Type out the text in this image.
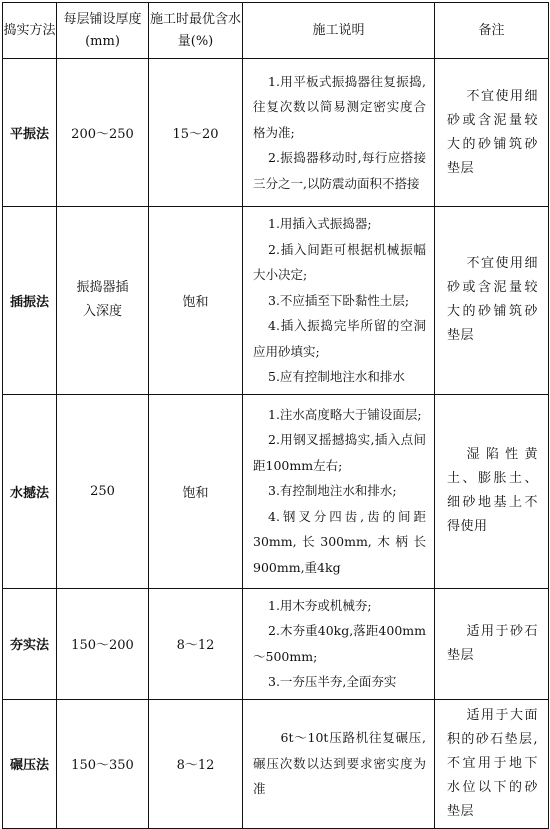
捣实方法	每层铺设厚度(mm)	施工时最优含水量(%)	施工说明	备注
平振法	200～250	15～20	1.用平板式振捣器往复振捣,往复次数以简易测定密实度合格为准;

2.振捣器移动时,每行应搭接三分之一,以防震动面积不搭接	不宜使用细砂或含泥量较大的砂铺筑砂垫层

插振法	振捣器插入深度	饱和	1.用插入式振捣器;

2.插入间距可根据机械振幅大小决定;

3.不应插至下卧黏性土层;

4.插入振捣完毕所留的空洞应用砂填实;

5.应有控制地注水和排水	不宜使用细砂或含泥量较大的砂铺筑砂垫层

水撼法	250	饱和	1.注水高度略大于铺设面层;

2.用钢叉摇撼捣实,插入点间距100mm左右;

3.有控制地注水和排水;

4.钢叉分四齿,齿的间距30mm,长300mm,木柄长900mm,重4kg	湿陷性黄土、膨胀土、细砂地基上不得使用

夯实法	150～200	8～12	1.用木夯或机械夯;

2.木夯重40kg,落距400mm～500mm;

3.一夯压半夯,全面夯实	适用于砂石垫层

碾压法	150～350	8～12	6t～10t压路机往复碾压,碾压次数以达到要求密实度为准	适用于大面积的砂石垫层,不宜用于地下水位以下的砂垫层
